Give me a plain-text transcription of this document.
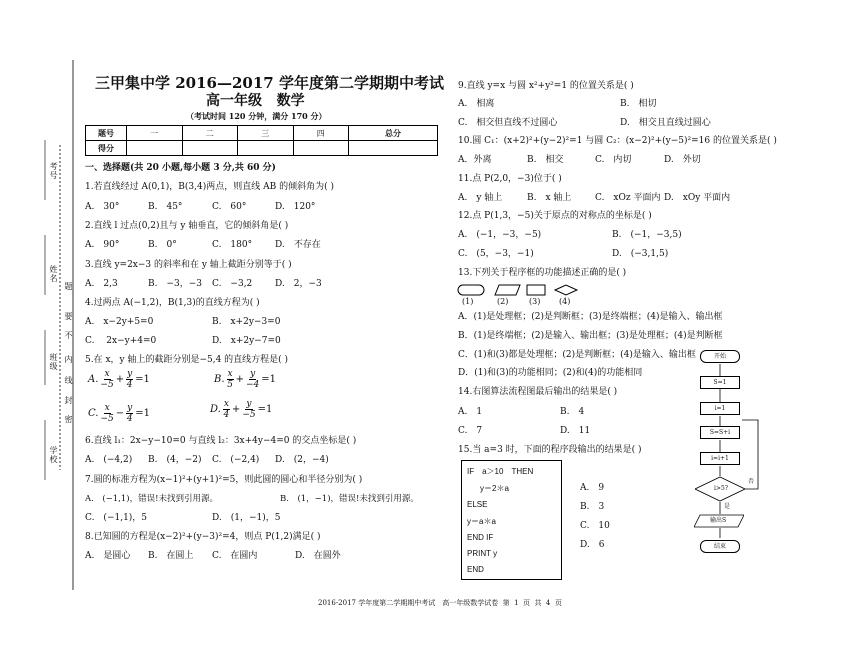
考号
姓名
班级
学校
题
要
不
内
线
封
密
三甲集中学 2016—2017 学年度第二学期期中考试
高一年级   数学
（考试时间 120 分钟，满分 170 分）
题号	一	二	三	四	总分
得分					
一、选择题(共 20 小题,每小题 3 分,共 60 分)
1.若直线经过 A(0,1)，B(3,4)两点，则直线 AB 的倾斜角为( )
A.　30°	B.　45°	C.　60°	D.　120°
2.直线 l 过点(0,2)且与 y 轴垂直，它的倾斜角是( )
A.　90°	B.　0°	C.　180°	D.　不存在
3.直线 y=2x−3 的斜率和在 y 轴上截距分别等于( )
A.　2,3	B.　−3，−3 C.　−3,2	D.　2，−3
4.过两点 A(−1,2)，B(1,3)的直线方程为( )
A.　x−2y+5=0	B.　x+2y−3=0
C.　 2x−y+4=0	D.　x+2y−7=0
5.在 x，y 轴上的截距分别是−5,4 的直线方程是( )
A. $\frac{x}{-5} + \frac{y}{4} =1$	B. $\frac{x}{5} + \frac{y}{-4} =1$
C. $\frac{x}{-5} - \frac{y}{4} =1$	D. $\frac{x}{4} + \frac{y}{-5} =1$
6.直线 l₁：2x−y−10=0 与直线 l₂：3x+4y−4=0 的交点坐标是( )
A.　(−4,2) B.　(4，−2) C.　(−2,4) D.　(2，−4)
7.圆的标准方程为(x−1)²+(y+1)²=5，则此圆的圆心和半径分别为( )
A.　(−1,1)，错误!未找到引用源。	B.　(1，−1)，错误!未找到引用源。
C.　(−1,1)，5	D.　(1，−1)，5
8.已知圆的方程是(x−2)²+(y−3)²=4，则点 P(1,2)满足( )
A.　是圆心 B.　在圆上 C.　在圆内	D.　在圆外
9.直线 y=x 与圆 x²+y²=1 的位置关系是( )
A.　相离	B.　相切
C.　相交但直线不过圆心	D.　相交且直线过圆心
10.圆 C₁：(x+2)²+(y−2)²=1 与圆 C₂：(x−2)²+(y−5)²=16 的位置关系是( )
A．外离	B.　相交	C.　内切	D.　外切
11.点 P(2,0，−3)位于( )
A.　y 轴上	B.　x 轴上	C.　xOz 平面内 D.　xOy 平面内
12.点 P(1,3，−5)关于原点的对称点的坐标是( )
A.　(−1，−3，−5)	B.　(−1，−3,5)
C.　(5，−3，−1)	D.　(−3,1,5)
13.下列关于程序框的功能描述正确的是( )
(1)	(2)	(3) (4)
A．(1)是处理框；(2)是判断框；(3)是终端框；(4)是输入、输出框
B．(1)是终端框；(2)是输入、输出框；(3)是处理框；(4)是判断框
C．(1)和(3)都是处理框；(2)是判断框；(4)是输入、输出框
D．(1)和(3)的功能相同；(2)和(4)的功能相同
14.右图算法流程图最后输出的结果是( )
A.　1	B.　4
C.　7	D.　11
15.当 a=3 时，下面的程序段输出的结果是( )
IF　a＞10　THEN
y＝2＊a
ELSE
y＝a＊a
END IF
PRINT y
END
A.　9
B.　3
C.　10
D.　6
开始
S=1
i=1
S=S+i
i=i+1
i>5?
否
是
输出S
结束
2016-2017 学年度第二学期期中考试　高一年级数学试卷  第  1  页  共  4  页
